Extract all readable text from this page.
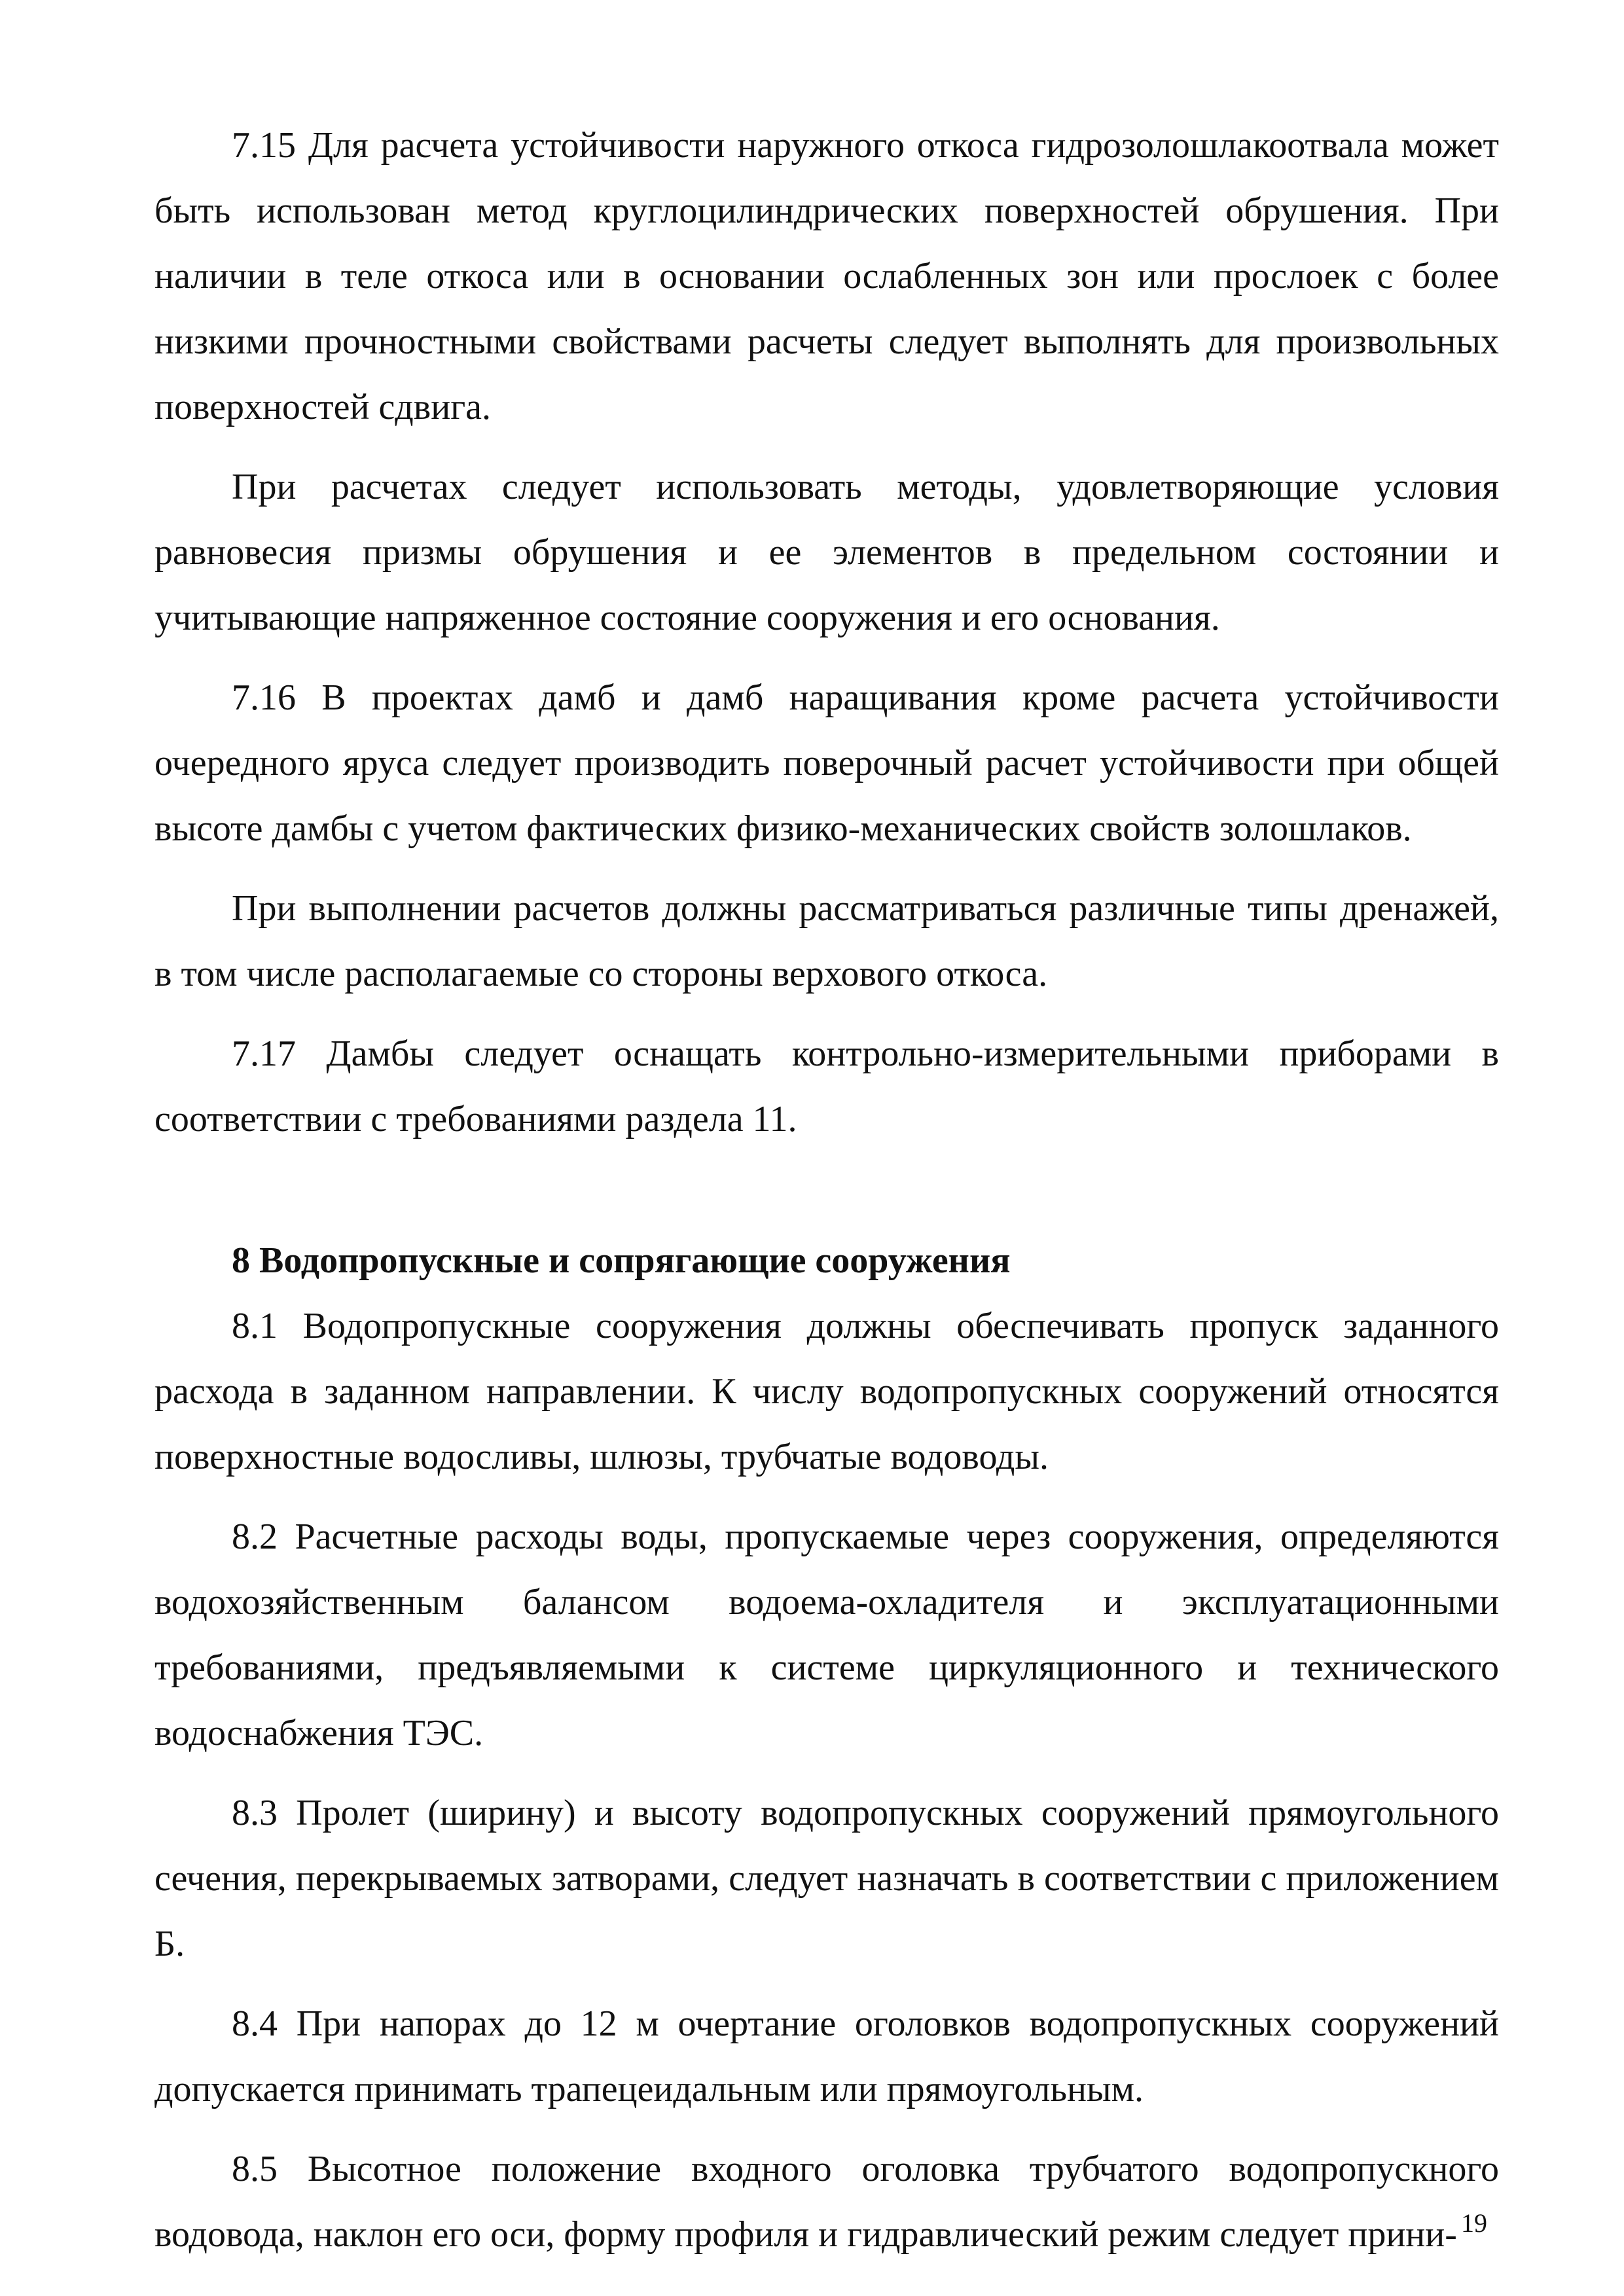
7.15 Для расчета устойчивости наружного откоса гидрозолошлакоотвала может быть использован метод круглоцилиндрических поверхностей обрушения. При наличии в теле откоса или в основании ослабленных зон или прослоек с более низкими прочностными свойствами расчеты следует выполнять для произвольных поверхностей сдвига.

При расчетах следует использовать методы, удовлетворяющие условия равновесия призмы обрушения и ее элементов в предельном состоянии и учитывающие напряженное состояние сооружения и его основания.

7.16 В проектах дамб и дамб наращивания кроме расчета устойчивости очередного яруса следует производить поверочный расчет устойчивости при общей высоте дамбы с учетом фактических физико-механических свойств золошлаков.

При выполнении расчетов должны рассматриваться различные типы дренажей, в том числе располагаемые со стороны верхового откоса.

7.17 Дамбы следует оснащать контрольно-измерительными приборами в соответствии с требованиями раздела 11.

8 Водопропускные и сопрягающие сооружения

8.1 Водопропускные сооружения должны обеспечивать пропуск заданного расхода в заданном направлении. К числу водопропускных сооружений относятся поверхностные водосливы, шлюзы, трубчатые водоводы.

8.2 Расчетные расходы воды, пропускаемые через сооружения, определяются водохозяйственным балансом водоема-охладителя и эксплуатационными требованиями, предъявляемыми к системе циркуляционного и технического водоснабжения ТЭС.

8.3 Пролет (ширину) и высоту водопропускных сооружений прямоугольного сечения, перекрываемых затворами, следует назначать в соответствии с приложением Б.

8.4 При напорах до 12 м очертание оголовков водопропускных сооружений допускается принимать трапецеидальным или прямоугольным.

8.5 Высотное положение входного оголовка трубчатого водопропускного водовода, наклон его оси, форму профиля и гидравлический режим следует прини- 19
